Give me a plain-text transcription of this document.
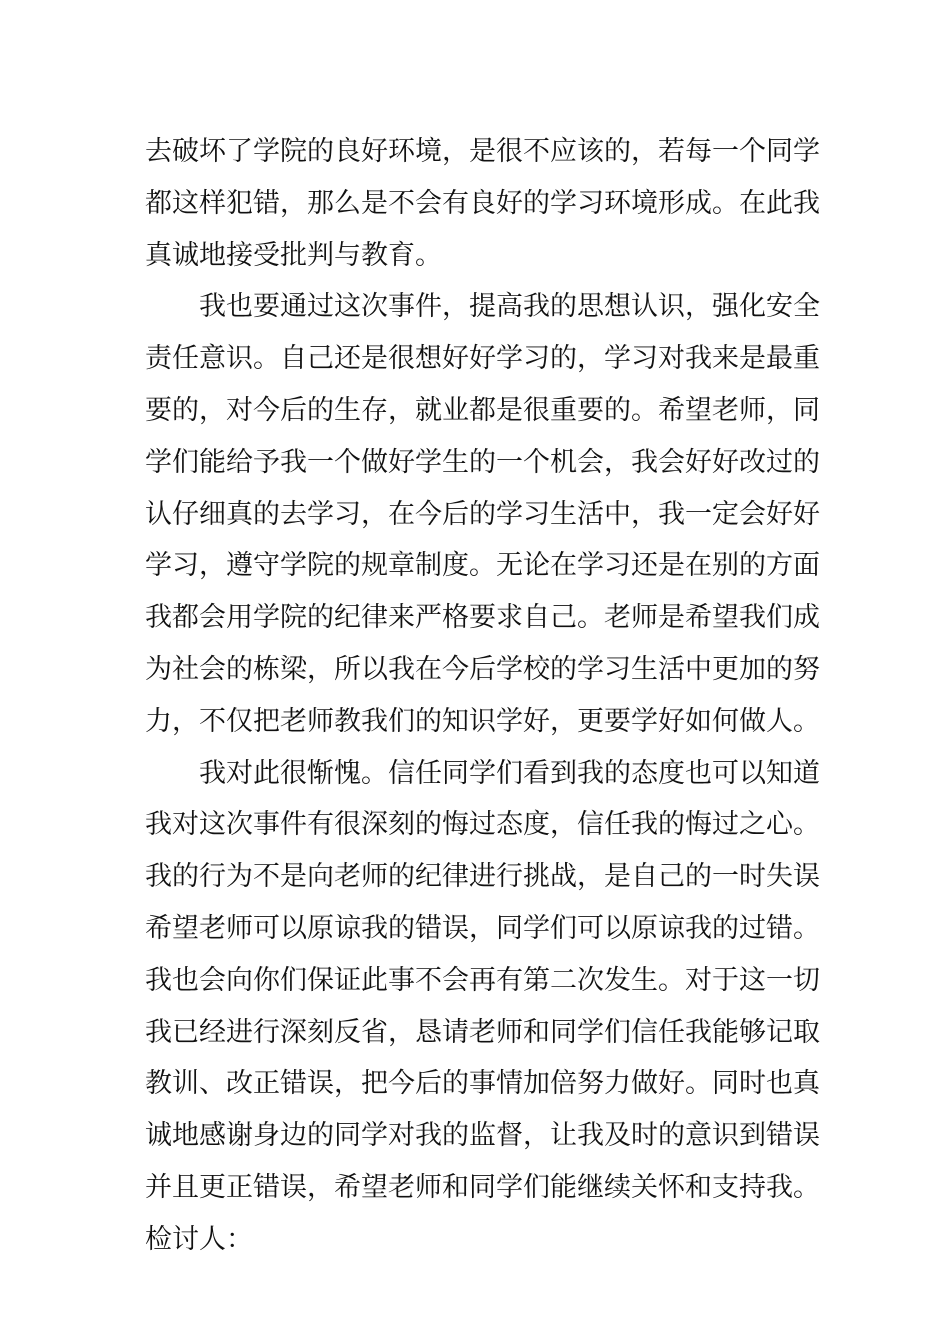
去破坏了学院的良好环境，是很不应该的，若每一个同学
都这样犯错，那么是不会有良好的学习环境形成。在此我
真诚地接受批判与教育。
我也要通过这次事件，提高我的思想认识，强化安全
责任意识。自己还是很想好好学习的，学习对我来是最重
要的，对今后的生存，就业都是很重要的。希望老师，同
学们能给予我一个做好学生的一个机会，我会好好改过的
认仔细真的去学习，在今后的学习生活中，我一定会好好
学习，遵守学院的规章制度。无论在学习还是在别的方面
我都会用学院的纪律来严格要求自己。老师是希望我们成
为社会的栋梁，所以我在今后学校的学习生活中更加的努
力，不仅把老师教我们的知识学好，更要学好如何做人。
我对此很惭愧。信任同学们看到我的态度也可以知道
我对这次事件有很深刻的悔过态度，信任我的悔过之心。
我的行为不是向老师的纪律进行挑战，是自己的一时失误
希望老师可以原谅我的错误，同学们可以原谅我的过错。
我也会向你们保证此事不会再有第二次发生。对于这一切
我已经进行深刻反省，恳请老师和同学们信任我能够记取
教训、改正错误，把今后的事情加倍努力做好。同时也真
诚地感谢身边的同学对我的监督，让我及时的意识到错误
并且更正错误，希望老师和同学们能继续关怀和支持我。
检讨人：
